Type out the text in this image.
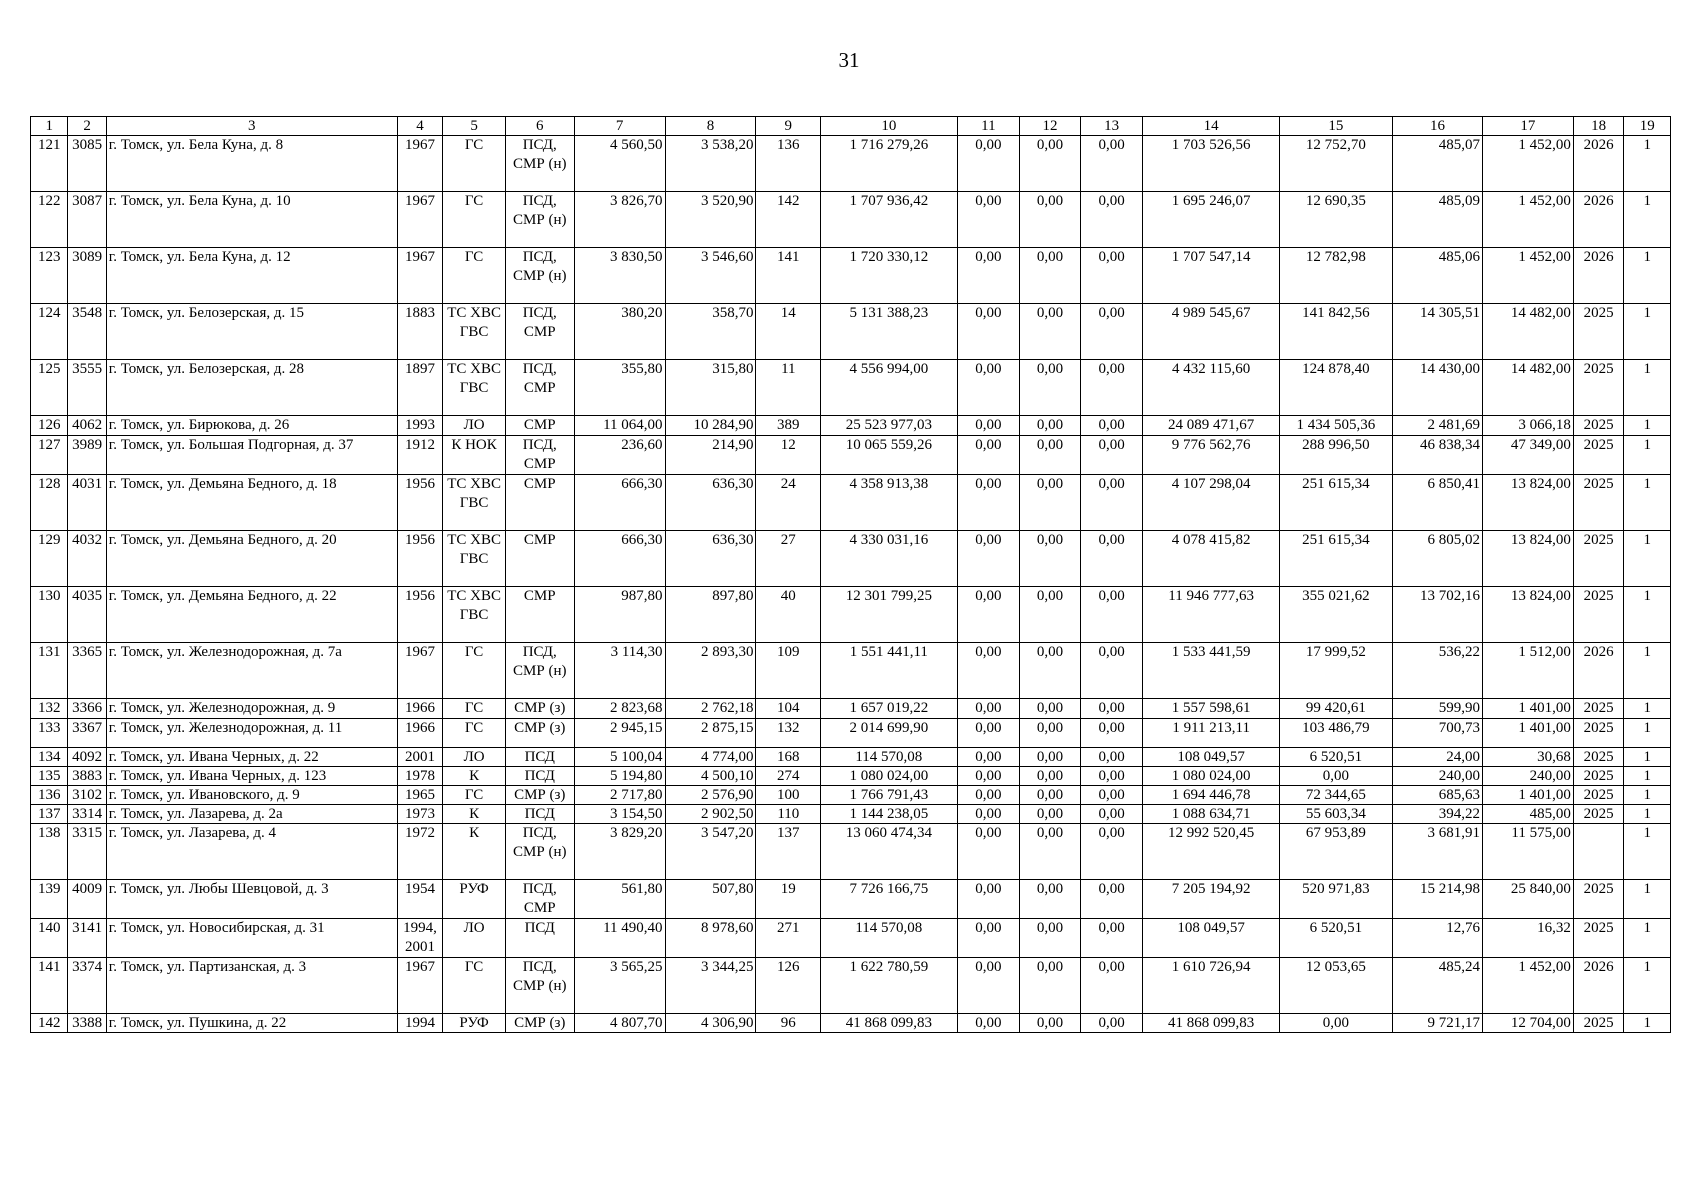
31
1	2	3	4	5	6	7	8	9	10	11	12	13	14	15	16	17	18	19
121	3085	г. Томск, ул. Бела Куна, д. 8	1967	ГС	ПСД, СМР (н)	4 560,50	3 538,20	136	1 716 279,26	0,00	0,00	0,00	1 703 526,56	12 752,70	485,07	1 452,00	2026	1
122	3087	г. Томск, ул. Бела Куна, д. 10	1967	ГС	ПСД, СМР (н)	3 826,70	3 520,90	142	1 707 936,42	0,00	0,00	0,00	1 695 246,07	12 690,35	485,09	1 452,00	2026	1
123	3089	г. Томск, ул. Бела Куна, д. 12	1967	ГС	ПСД, СМР (н)	3 830,50	3 546,60	141	1 720 330,12	0,00	0,00	0,00	1 707 547,14	12 782,98	485,06	1 452,00	2026	1
124	3548	г. Томск, ул. Белозерская, д. 15	1883	ТС ХВС ГВС	ПСД, СМР	380,20	358,70	14	5 131 388,23	0,00	0,00	0,00	4 989 545,67	141 842,56	14 305,51	14 482,00	2025	1
125	3555	г. Томск, ул. Белозерская, д. 28	1897	ТС ХВС ГВС	ПСД, СМР	355,80	315,80	11	4 556 994,00	0,00	0,00	0,00	4 432 115,60	124 878,40	14 430,00	14 482,00	2025	1
126	4062	г. Томск, ул. Бирюкова, д. 26	1993	ЛО	СМР	11 064,00	10 284,90	389	25 523 977,03	0,00	0,00	0,00	24 089 471,67	1 434 505,36	2 481,69	3 066,18	2025	1
127	3989	г. Томск, ул. Большая Подгорная, д. 37	1912	К НОК	ПСД, СМР	236,60	214,90	12	10 065 559,26	0,00	0,00	0,00	9 776 562,76	288 996,50	46 838,34	47 349,00	2025	1
128	4031	г. Томск, ул. Демьяна Бедного, д. 18	1956	ТС ХВС ГВС	СМР	666,30	636,30	24	4 358 913,38	0,00	0,00	0,00	4 107 298,04	251 615,34	6 850,41	13 824,00	2025	1
129	4032	г. Томск, ул. Демьяна Бедного, д. 20	1956	ТС ХВС ГВС	СМР	666,30	636,30	27	4 330 031,16	0,00	0,00	0,00	4 078 415,82	251 615,34	6 805,02	13 824,00	2025	1
130	4035	г. Томск, ул. Демьяна Бедного, д. 22	1956	ТС ХВС ГВС	СМР	987,80	897,80	40	12 301 799,25	0,00	0,00	0,00	11 946 777,63	355 021,62	13 702,16	13 824,00	2025	1
131	3365	г. Томск, ул. Железнодорожная, д. 7а	1967	ГС	ПСД, СМР (н)	3 114,30	2 893,30	109	1 551 441,11	0,00	0,00	0,00	1 533 441,59	17 999,52	536,22	1 512,00	2026	1
132	3366	г. Томск, ул. Железнодорожная, д. 9	1966	ГС	СМР (з)	2 823,68	2 762,18	104	1 657 019,22	0,00	0,00	0,00	1 557 598,61	99 420,61	599,90	1 401,00	2025	1
133	3367	г. Томск, ул. Железнодорожная, д. 11	1966	ГС	СМР (з)	2 945,15	2 875,15	132	2 014 699,90	0,00	0,00	0,00	1 911 213,11	103 486,79	700,73	1 401,00	2025	1
134	4092	г. Томск, ул. Ивана Черных, д. 22	2001	ЛО	ПСД	5 100,04	4 774,00	168	114 570,08	0,00	0,00	0,00	108 049,57	6 520,51	24,00	30,68	2025	1
135	3883	г. Томск, ул. Ивана Черных, д. 123	1978	К	ПСД	5 194,80	4 500,10	274	1 080 024,00	0,00	0,00	0,00	1 080 024,00	0,00	240,00	240,00	2025	1
136	3102	г. Томск, ул. Ивановского, д. 9	1965	ГС	СМР (з)	2 717,80	2 576,90	100	1 766 791,43	0,00	0,00	0,00	1 694 446,78	72 344,65	685,63	1 401,00	2025	1
137	3314	г. Томск, ул. Лазарева, д. 2а	1973	К	ПСД	3 154,50	2 902,50	110	1 144 238,05	0,00	0,00	0,00	1 088 634,71	55 603,34	394,22	485,00	2025	1
138	3315	г. Томск, ул. Лазарева, д. 4	1972	К	ПСД, СМР (н)	3 829,20	3 547,20	137	13 060 474,34	0,00	0,00	0,00	12 992 520,45	67 953,89	3 681,91	11 575,00		1
139	4009	г. Томск, ул. Любы Шевцовой, д. 3	1954	РУФ	ПСД, СМР	561,80	507,80	19	7 726 166,75	0,00	0,00	0,00	7 205 194,92	520 971,83	15 214,98	25 840,00	2025	1
140	3141	г. Томск, ул. Новосибирская, д. 31	1994, 2001	ЛО	ПСД	11 490,40	8 978,60	271	114 570,08	0,00	0,00	0,00	108 049,57	6 520,51	12,76	16,32	2025	1
141	3374	г. Томск, ул. Партизанская, д. 3	1967	ГС	ПСД, СМР (н)	3 565,25	3 344,25	126	1 622 780,59	0,00	0,00	0,00	1 610 726,94	12 053,65	485,24	1 452,00	2026	1
142	3388	г. Томск, ул. Пушкина, д. 22	1994	РУФ	СМР (з)	4 807,70	4 306,90	96	41 868 099,83	0,00	0,00	0,00	41 868 099,83	0,00	9 721,17	12 704,00	2025	1
